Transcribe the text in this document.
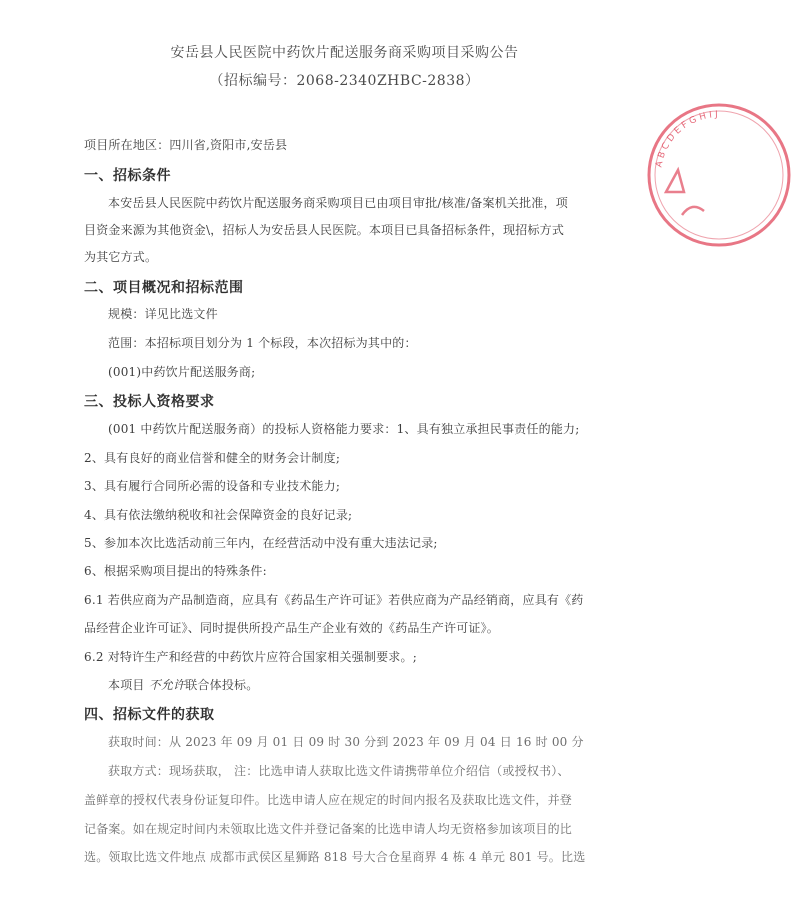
安岳县人民医院中药饮片配送服务商采购项目采购公告
（招标编号：2068-2340ZHBC-2838）
项目所在地区：四川省,资阳市,安岳县
一、招标条件
本安岳县人民医院中药饮片配送服务商采购项目已由项目审批/核准/备案机关批准，项
目资金来源为其他资金\，招标人为安岳县人民医院。本项目已具备招标条件，现招标方式
为其它方式。
二、项目概况和招标范围
规模：详见比选文件
范围：本招标项目划分为 1 个标段，本次招标为其中的：
(001)中药饮片配送服务商;
三、投标人资格要求
(001 中药饮片配送服务商）的投标人资格能力要求：1、具有独立承担民事责任的能力;
2、具有良好的商业信誉和健全的财务会计制度;
3、具有履行合同所必需的设备和专业技术能力;
4、具有依法缴纳税收和社会保障资金的良好记录;
5、参加本次比选活动前三年内，在经营活动中没有重大违法记录;
6、根据采购项目提出的特殊条件:
6.1 若供应商为产品制造商，应具有《药品生产许可证》若供应商为产品经销商，应具有《药
品经营企业许可证》、同时提供所投产品生产企业有效的《药品生产许可证》。
6.2 对特许生产和经营的中药饮片应符合国家相关强制要求。;
本项目 不允许联合体投标。
四、招标文件的获取
获取时间：从 2023 年 09 月 01 日 09 时 30 分到 2023 年 09 月 04 日 16 时 00 分
获取方式：现场获取， 注：比选申请人获取比选文件请携带单位介绍信（或授权书）、
盖鲜章的授权代表身份证复印件。比选申请人应在规定的时间内报名及获取比选文件，并登
记备案。如在规定时间内未领取比选文件并登记备案的比选申请人均无资格参加该项目的比
选。领取比选文件地点 成都市武侯区星狮路 818 号大合仓星商界 4 栋 4 单元 801 号。比选
ABCDEFGHIJ
